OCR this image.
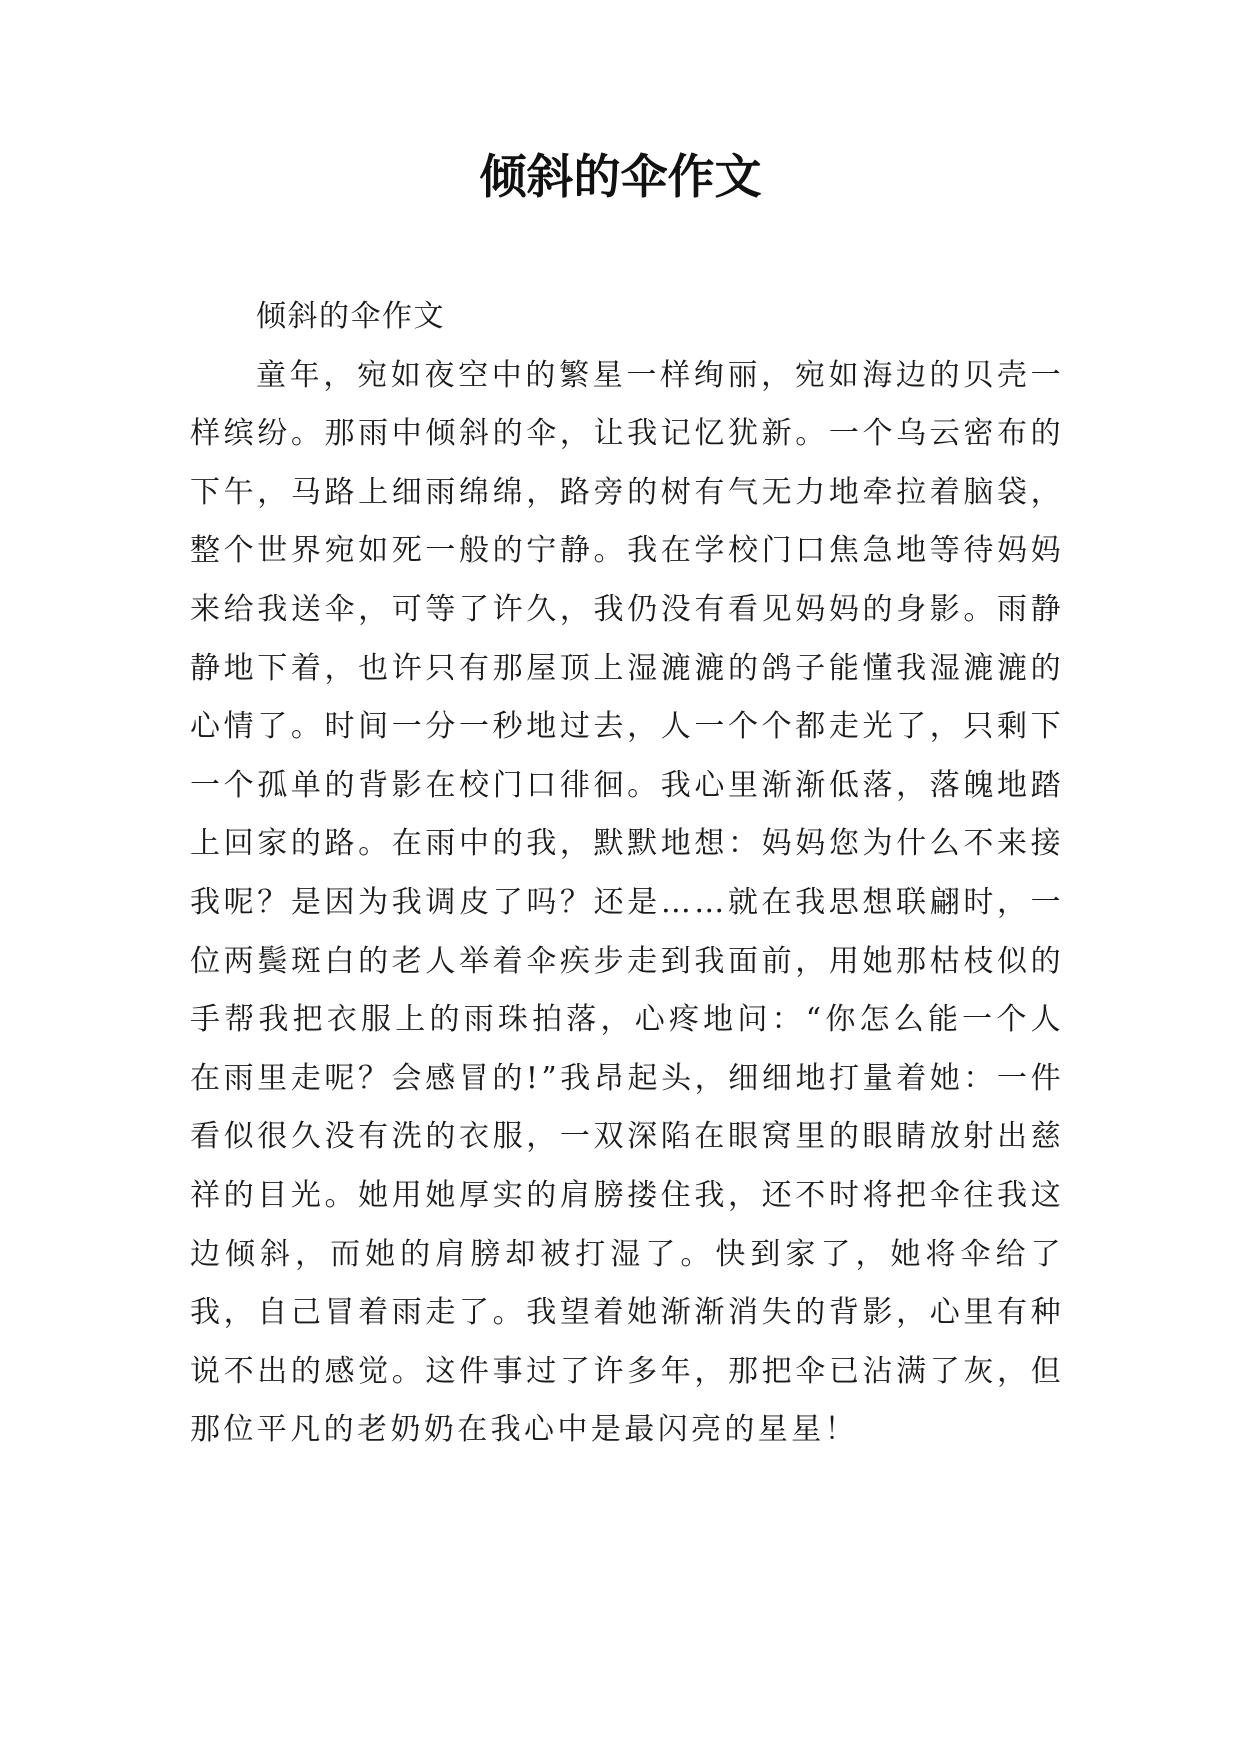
倾斜的伞作文

倾斜的伞作文

童年，宛如夜空中的繁星一样绚丽，宛如海边的贝壳一样缤纷。那雨中倾斜的伞，让我记忆犹新。一个乌云密布的下午，马路上细雨绵绵，路旁的树有气无力地牵拉着脑袋，整个世界宛如死一般的宁静。我在学校门口焦急地等待妈妈来给我送伞，可等了许久，我仍没有看见妈妈的身影。雨静静地下着，也许只有那屋顶上湿漉漉的鸽子能懂我湿漉漉的心情了。时间一分一秒地过去，人一个个都走光了，只剩下一个孤单的背影在校门口徘徊。我心里渐渐低落，落魄地踏上回家的路。在雨中的我，默默地想：妈妈您为什么不来接我呢？是因为我调皮了吗？还是……就在我思想联翩时，一位两鬓斑白的老人举着伞疾步走到我面前，用她那枯枝似的手帮我把衣服上的雨珠拍落，心疼地问：“你怎么能一个人在雨里走呢？会感冒的!”我昂起头，细细地打量着她：一件看似很久没有洗的衣服，一双深陷在眼窝里的眼睛放射出慈祥的目光。她用她厚实的肩膀搂住我，还不时将把伞往我这边倾斜，而她的肩膀却被打湿了。快到家了，她将伞给了我，自己冒着雨走了。我望着她渐渐消失的背影，心里有种说不出的感觉。这件事过了许多年，那把伞已沾满了灰，但那位平凡的老奶奶在我心中是最闪亮的星星！
